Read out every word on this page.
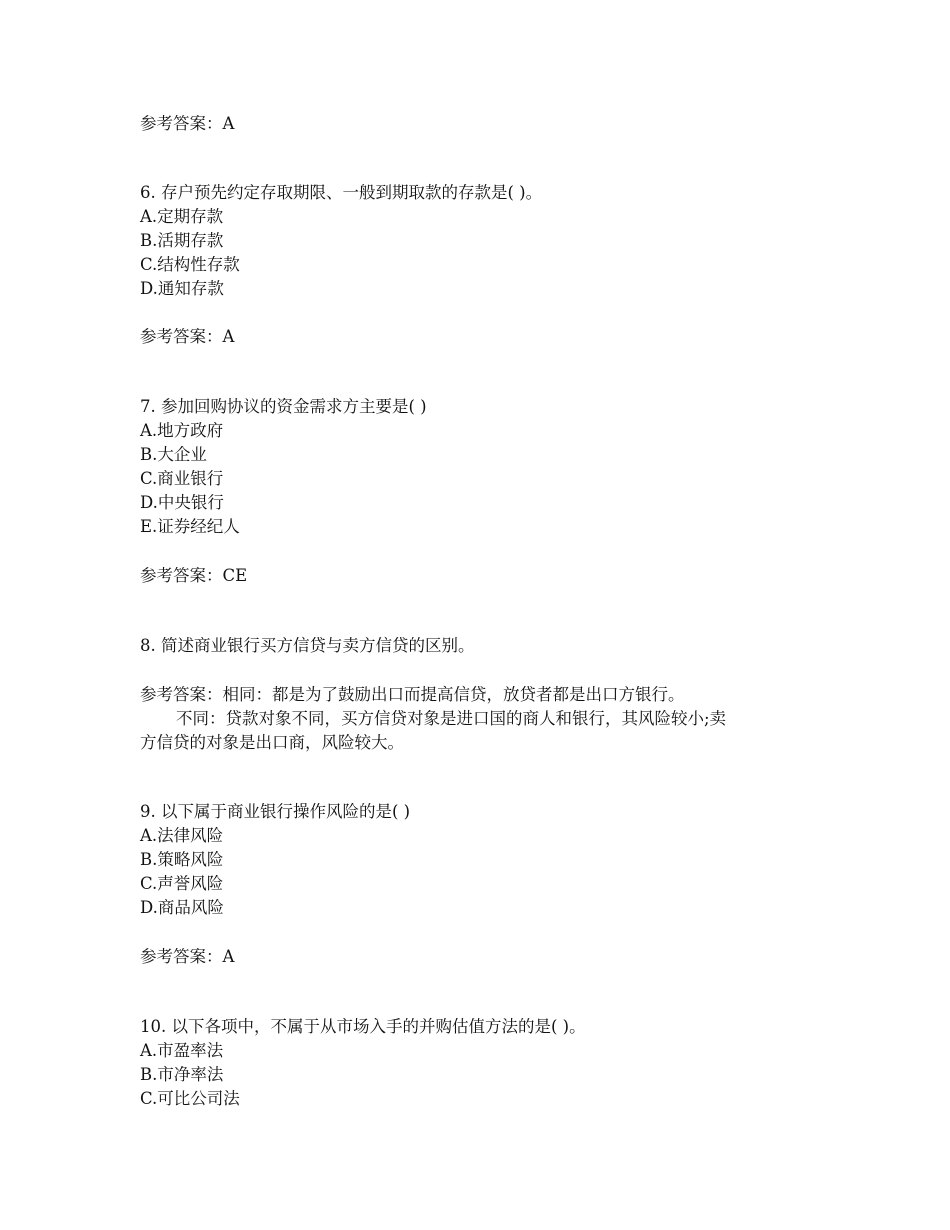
参考答案：A
6. 存户预先约定存取期限、一般到期取款的存款是( )。
A.定期存款
B.活期存款
C.结构性存款
D.通知存款
参考答案：A
7. 参加回购协议的资金需求方主要是( )
A.地方政府
B.大企业
C.商业银行
D.中央银行
E.证券经纪人
参考答案：CE
8. 简述商业银行买方信贷与卖方信贷的区别。
参考答案：相同：都是为了鼓励出口而提高信贷，放贷者都是出口方银行。
不同：贷款对象不同，买方信贷对象是进口国的商人和银行，其风险较小;卖
方信贷的对象是出口商，风险较大。
9. 以下属于商业银行操作风险的是( )
A.法律风险
B.策略风险
C.声誉风险
D.商品风险
参考答案：A
10. 以下各项中，不属于从市场入手的并购估值方法的是( )。
A.市盈率法
B.市净率法
C.可比公司法
